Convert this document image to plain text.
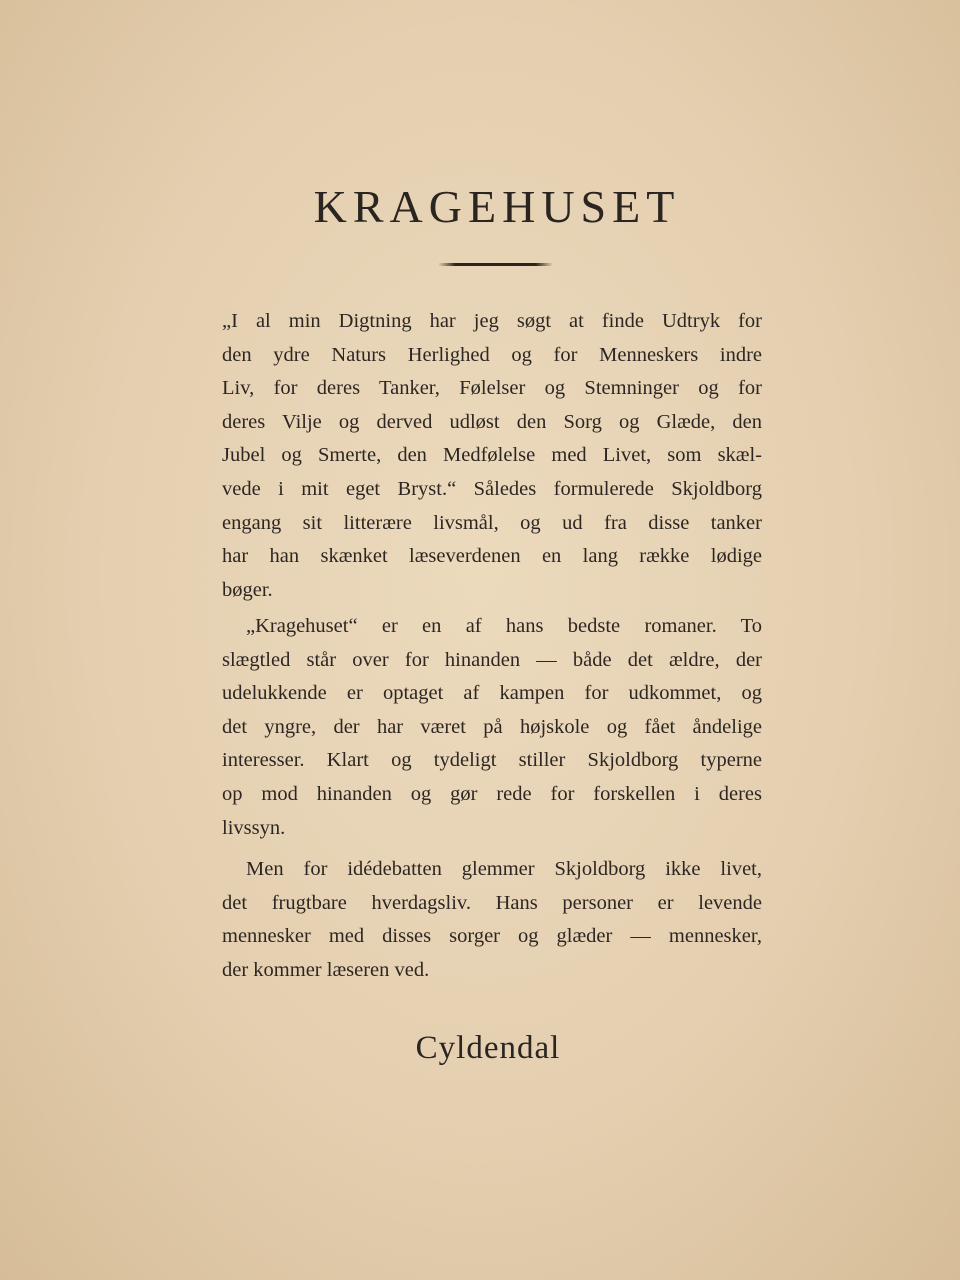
KRAGEHUSET
„I al min Digtning har jeg søgt at finde Udtryk for
den ydre Naturs Herlighed og for Menneskers indre
Liv, for deres Tanker, Følelser og Stemninger og for
deres Vilje og derved udløst den Sorg og Glæde, den
Jubel og Smerte, den Medfølelse med Livet, som skæl-
vede i mit eget Bryst.“ Således formulerede Skjoldborg
engang sit litterære livsmål, og ud fra disse tanker
har han skænket læseverdenen en lang række lødige
bøger.
„Kragehuset“ er en af hans bedste romaner. To
slægtled står over for hinanden — både det ældre, der
udelukkende er optaget af kampen for udkommet, og
det yngre, der har været på højskole og fået åndelige
interesser. Klart og tydeligt stiller Skjoldborg typerne
op mod hinanden og gør rede for forskellen i deres
livssyn.
Men for idédebatten glemmer Skjoldborg ikke livet,
det frugtbare hverdagsliv. Hans personer er levende
mennesker med disses sorger og glæder — mennesker,
der kommer læseren ved.
Cyldendal
